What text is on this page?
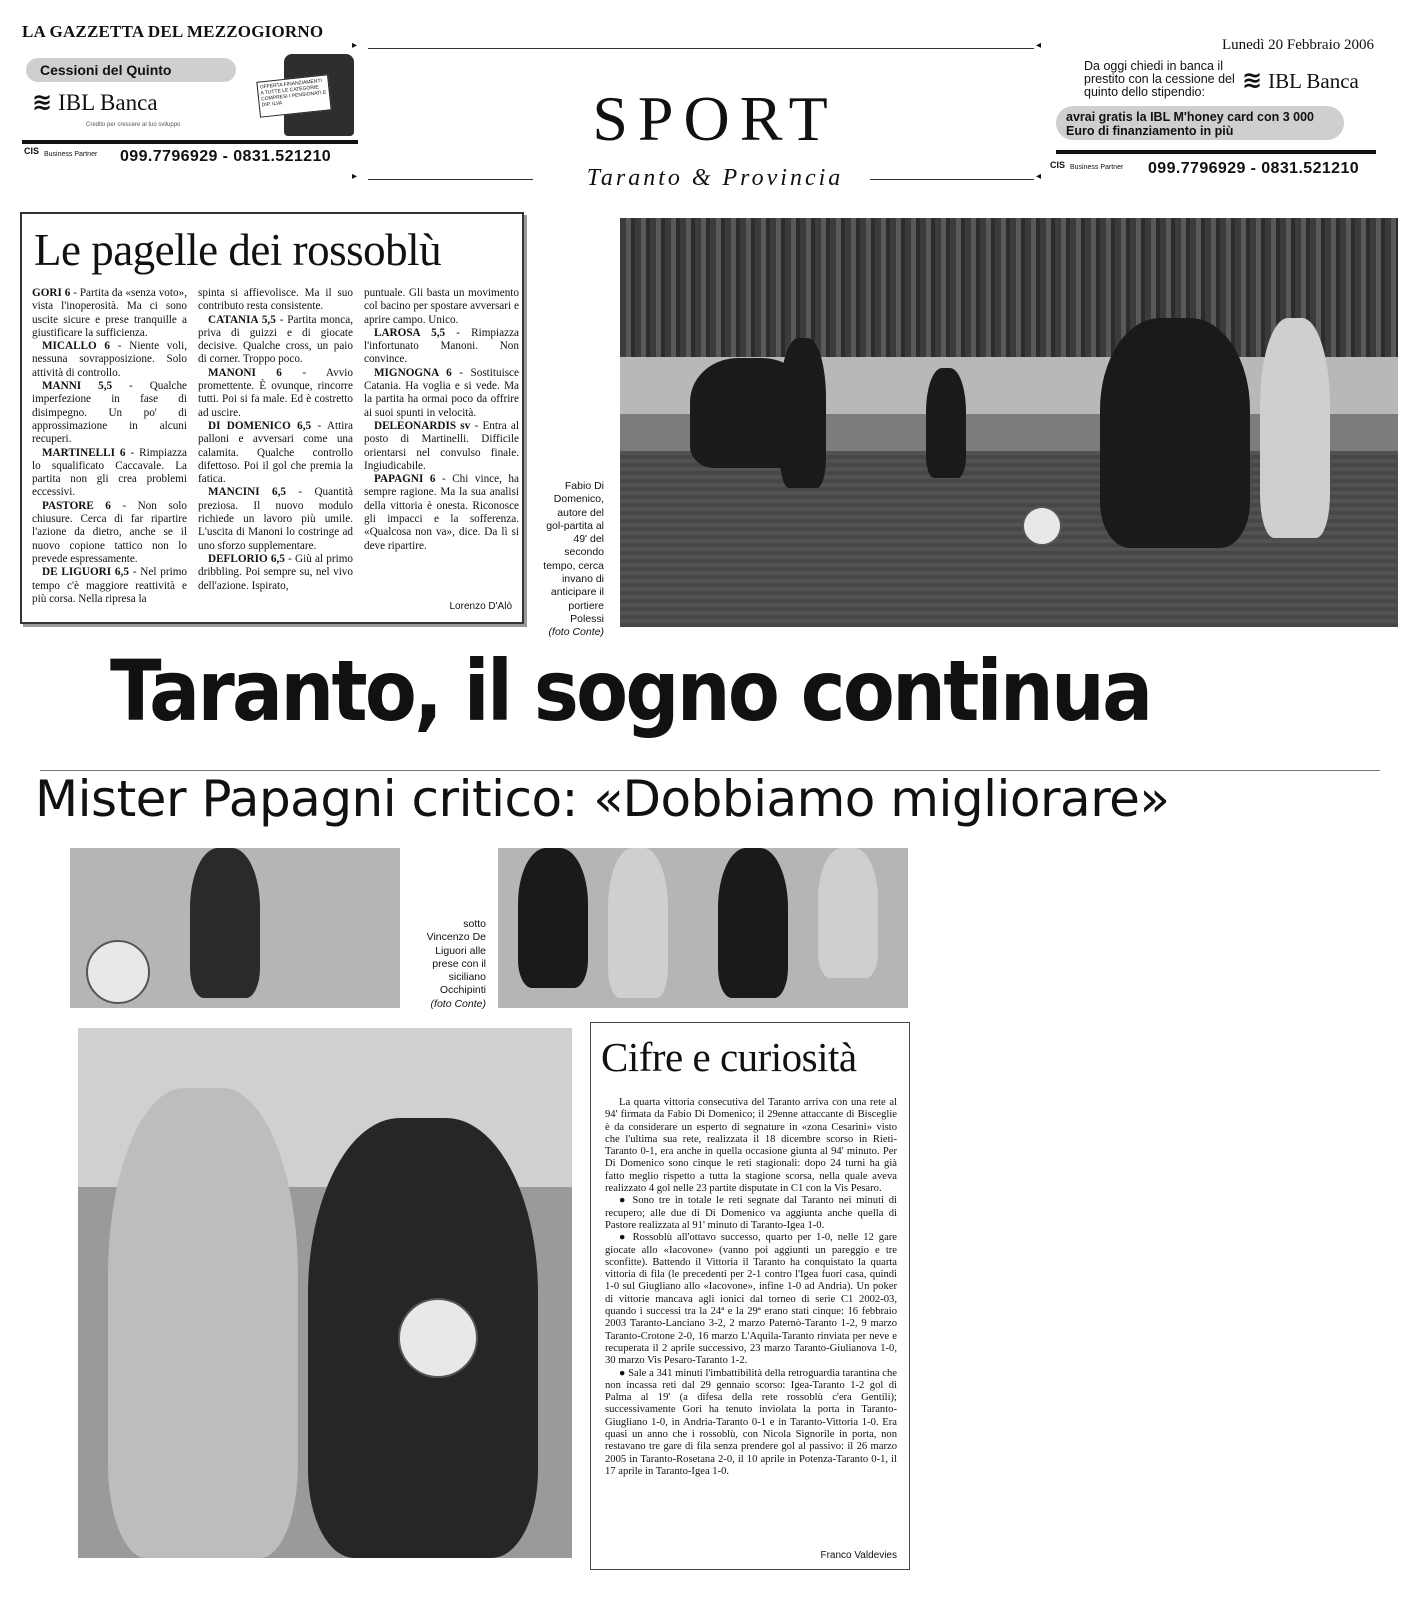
LA GAZZETTA DEL MEZZOGIORNO
Cessioni del Quinto
≋ IBL Banca
Credito per crescere al tuo sviluppo
OFFERTA FINANZIAMENTI A TUTTE LE CATEGORIE COMPRESI I PENSIONATI E DIP. ILVA
CIS Business Partner 099.7796929 - 0831.521210
▸	◂
SPORT
▸	Taranto & Provincia	◂
Lunedì 20 Febbraio 2006
Da oggi chiedi in banca il prestito con la cessione del quinto dello stipendio:	≋ IBL Banca
avrai gratis la IBL M'honey card con 3 000 Euro di finanziamento in più
CIS Business Partner 099.7796929 - 0831.521210
Le pagelle dei rossoblù
GORI 6 - Partita da «senza voto», vista l'inoperosità. Ma ci sono uscite sicure e prese tranquille a giustificare la sufficienza.
MICALLO 6 - Niente voli, nessuna sovrapposizione. Solo attività di controllo.
MANNI 5,5 - Qualche imperfezione in fase di disimpegno. Un po' di approssimazione in alcuni recuperi.
MARTINELLI 6 - Rimpiazza lo squalificato Caccavale. La partita non gli crea problemi eccessivi.
PASTORE 6 - Non solo chiusure. Cerca di far ripartire l'azione da dietro, anche se il nuovo copione tattico non lo prevede espressamente.
DE LIGUORI 6,5 - Nel primo tempo c'è maggiore reattività e più corsa. Nella ripresa la
spinta si affievolisce. Ma il suo contributo resta consistente.
CATANIA 5,5 - Partita monca, priva di guizzi e di giocate decisive. Qualche cross, un paio di corner. Troppo poco.
MANONI 6 - Avvio promettente. È ovunque, rincorre tutti. Poi si fa male. Ed è costretto ad uscire.
DI DOMENICO 6,5 - Attira palloni e avversari come una calamita. Qualche controllo difettoso. Poi il gol che premia la fatica.
MANCINI 6,5 - Quantità preziosa. Il nuovo modulo richiede un lavoro più umile. L'uscita di Manoni lo costringe ad uno sforzo supplementare.
DEFLORIO 6,5 - Giù al primo dribbling. Poi sempre su, nel vivo dell'azione. Ispirato,
puntuale. Gli basta un movimento col bacino per spostare avversari e aprire campo. Unico.
LAROSA 5,5 - Rimpiazza l'infortunato Manoni. Non convince.
MIGNOGNA 6 - Sostituisce Catania. Ha voglia e si vede. Ma la partita ha ormai poco da offrire ai suoi spunti in velocità.
DELEONARDIS sv - Entra al posto di Martinelli. Difficile orientarsi nel convulso finale. Ingiudicabile.
PAPAGNI 6 - Chi vince, ha sempre ragione. Ma la sua analisi della vittoria è onesta. Riconosce gli impacci e la sofferenza. «Qualcosa non va», dice. Da lì si deve ripartire.
Lorenzo D'Alò
Fabio Di
Domenico,
autore del
gol-partita al
49' del
secondo
tempo, cerca
invano di
anticipare il
portiere
Polessi
(foto Conte)
Taranto, il sogno continua
Mister Papagni critico: «Dobbiamo migliorare»
sotto
Vincenzo De
Liguori alle
prese con il
siciliano
Occhipinti
(foto Conte)
Cifre e curiosità

La quarta vittoria consecutiva del Taranto arriva con una rete al 94' firmata da Fabio Di Domenico; il 29enne attaccante di Bisceglie è da considerare un esperto di segnature in «zona Cesarini» visto che l'ultima sua rete, realizzata il 18 dicembre scorso in Rieti-Taranto 0-1, era anche in quella occasione giunta al 94' minuto. Per Di Domenico sono cinque le reti stagionali: dopo 24 turni ha già fatto meglio rispetto a tutta la stagione scorsa, nella quale aveva realizzato 4 gol nelle 23 partite disputate in C1 con la Vis Pesaro.

● Sono tre in totale le reti segnate dal Taranto nei minuti di recupero; alle due di Di Domenico va aggiunta anche quella di Pastore realizzata al 91' minuto di Taranto-Igea 1-0.

● Rossoblù all'ottavo successo, quarto per 1-0, nelle 12 gare giocate allo «Iacovone» (vanno poi aggiunti un pareggio e tre sconfitte). Battendo il Vittoria il Taranto ha conquistato la quarta vittoria di fila (le precedenti per 2-1 contro l'Igea fuori casa, quindi 1-0 sul Giugliano allo «Iacovone», infine 1-0 ad Andria). Un poker di vittorie mancava agli ionici dal torneo di serie C1 2002-03, quando i successi tra la 24ª e la 29ª erano stati cinque: 16 febbraio 2003 Taranto-Lanciano 3-2, 2 marzo Paternò-Taranto 1-2, 9 marzo Taranto-Crotone 2-0, 16 marzo L'Aquila-Taranto rinviata per neve e recuperata il 2 aprile successivo, 23 marzo Taranto-Giulianova 1-0, 30 marzo Vis Pesaro-Taranto 1-2.

● Sale a 341 minuti l'imbattibilità della retroguardia tarantina che non incassa reti dal 29 gennaio scorso: Igea-Taranto 1-2 gol di Palma al 19' (a difesa della rete rossoblù c'era Gentili); successivamente Gori ha tenuto inviolata la porta in Taranto-Giugliano 1-0, in Andria-Taranto 0-1 e in Taranto-Vittoria 1-0. Era quasi un anno che i rossoblù, con Nicola Signorile in porta, non restavano tre gare di fila senza prendere gol al passivo: il 26 marzo 2005 in Taranto-Rosetana 2-0, il 10 aprile in Potenza-Taranto 0-1, il 17 aprile in Taranto-Igea 1-0.

Franco Valdevies
